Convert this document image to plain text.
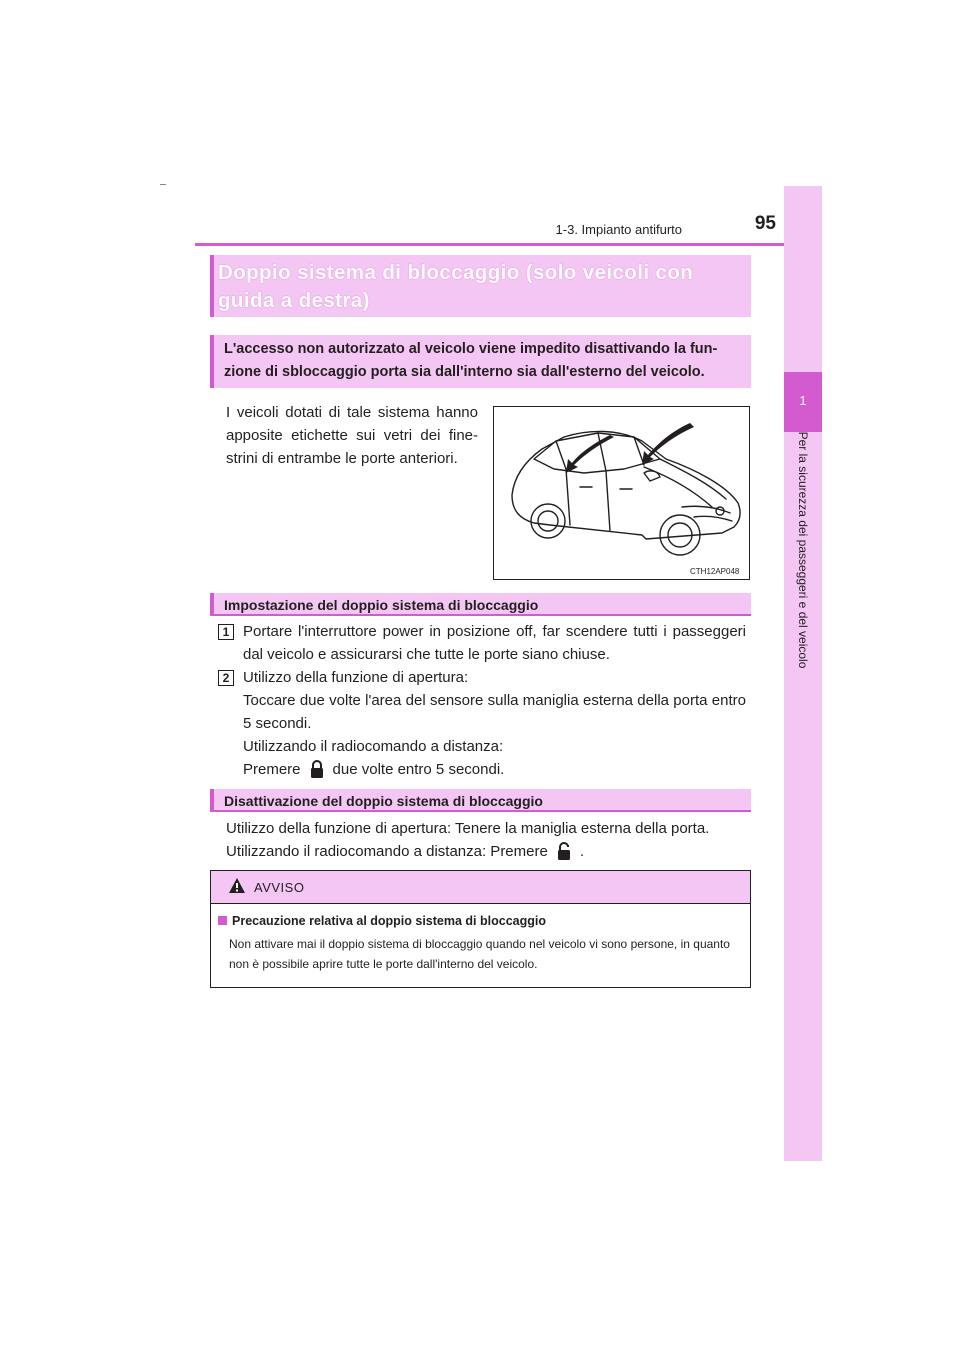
1-3. Impianto antifurto	95
1
Per la sicurezza dei passeggeri e del veicolo
Doppio sistema di bloccaggio (solo veicoli con
guida a destra)
L'accesso non autorizzato al veicolo viene impedito disattivando la fun-
zione di sbloccaggio porta sia dall'interno sia dall'esterno del veicolo.
I veicoli dotati di tale sistema hanno apposite etichette sui vetri dei fine-strini di entrambe le porte anteriori.
CTH12AP048
Impostazione del doppio sistema di bloccaggio
1 Portare l'interruttore power in posizione off, far scendere tutti i passeggeri dal veicolo e assicurarsi che tutte le porte siano chiuse.
2 Utilizzo della funzione di apertura:
Toccare due volte l'area del sensore sulla maniglia esterna della porta entro 5 secondi.
Utilizzando il radiocomando a distanza:
Premere due volte entro 5 secondi.
Disattivazione del doppio sistema di bloccaggio
Utilizzo della funzione di apertura: Tenere la maniglia esterna della porta.
Utilizzando il radiocomando a distanza: Premere .
AVVISO
Precauzione relativa al doppio sistema di bloccaggio
Non attivare mai il doppio sistema di bloccaggio quando nel veicolo vi sono persone, in quanto non è possibile aprire tutte le porte dall'interno del veicolo.
